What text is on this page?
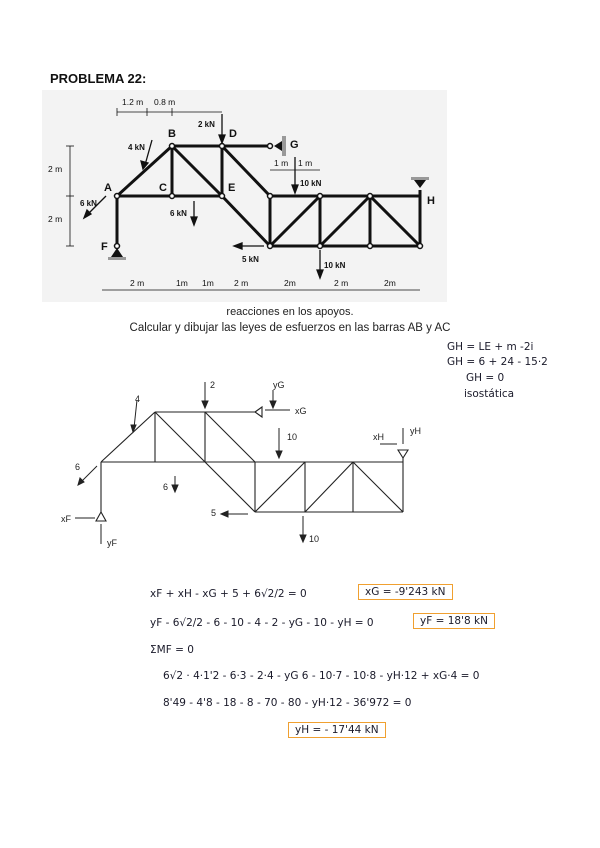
PROBLEMA 22:
A
B
C
D
E
F
G
H
4 kN
2 kN
6 kN
6 kN
10 kN
5 kN
10 kN
1.2 m 0.8 m
2 m
2 m
1 m 1 m
2 m	1m 1m 2 m	2m	2 m	2m
reacciones en los apoyos.
Calcular y dibujar las leyes de esfuerzos en las barras AB y AC
GH = LE + m -2i
GH = 6 + 24 - 15·2
GH = 0
isostática
4
2	yG
xG
10	xH
yH
6
6
5
10
xF
yF
xF + xH - xG + 5 + 6√2/2 = 0	xG = -9'243 kN
yF - 6√2/2 - 6 - 10 - 4 - 2 - yG - 10 - yH = 0	yF = 18'8 kN
ΣMF = 0
6√2 · 4·1'2 - 6·3 - 2·4 - yG 6 - 10·7 - 10·8 - yH·12 + xG·4 = 0
8'49 - 4'8 - 18 - 8 - 70 - 80 - yH·12 - 36'972 = 0
yH = - 17'44 kN
